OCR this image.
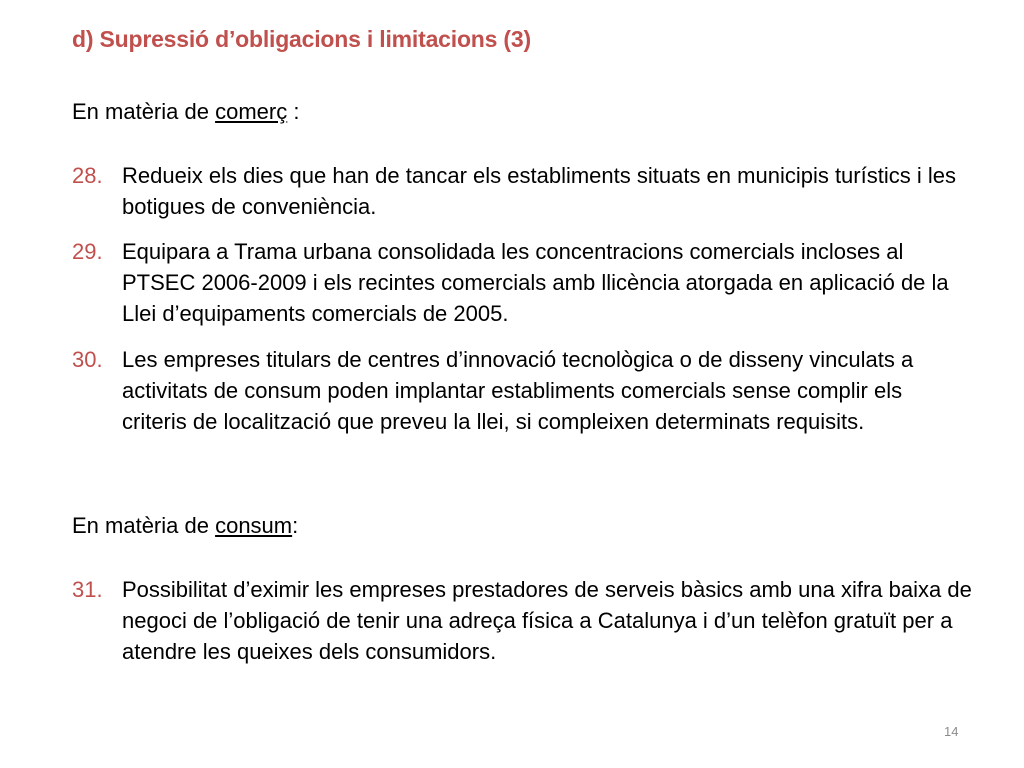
d) Supressió d’obligacions i limitacions (3)
En matèria de comerç :
28. Redueix els dies que han de tancar els establiments situats en municipis turístics i les botigues de conveniència.
29. Equipara a Trama urbana consolidada les concentracions comercials incloses al PTSEC 2006-2009 i els recintes comercials amb llicència atorgada en aplicació de la Llei d’equipaments comercials de 2005.
30. Les empreses titulars de centres d’innovació tecnològica o de disseny vinculats a activitats de consum poden implantar establiments comercials sense complir els criteris de localització que preveu la llei, si compleixen determinats requisits.
En matèria de consum:
31. Possibilitat d’eximir les empreses prestadores de serveis bàsics amb una xifra baixa de negoci de l’obligació de tenir una adreça física a Catalunya i d’un telèfon gratuït per a atendre les queixes dels consumidors.
14
